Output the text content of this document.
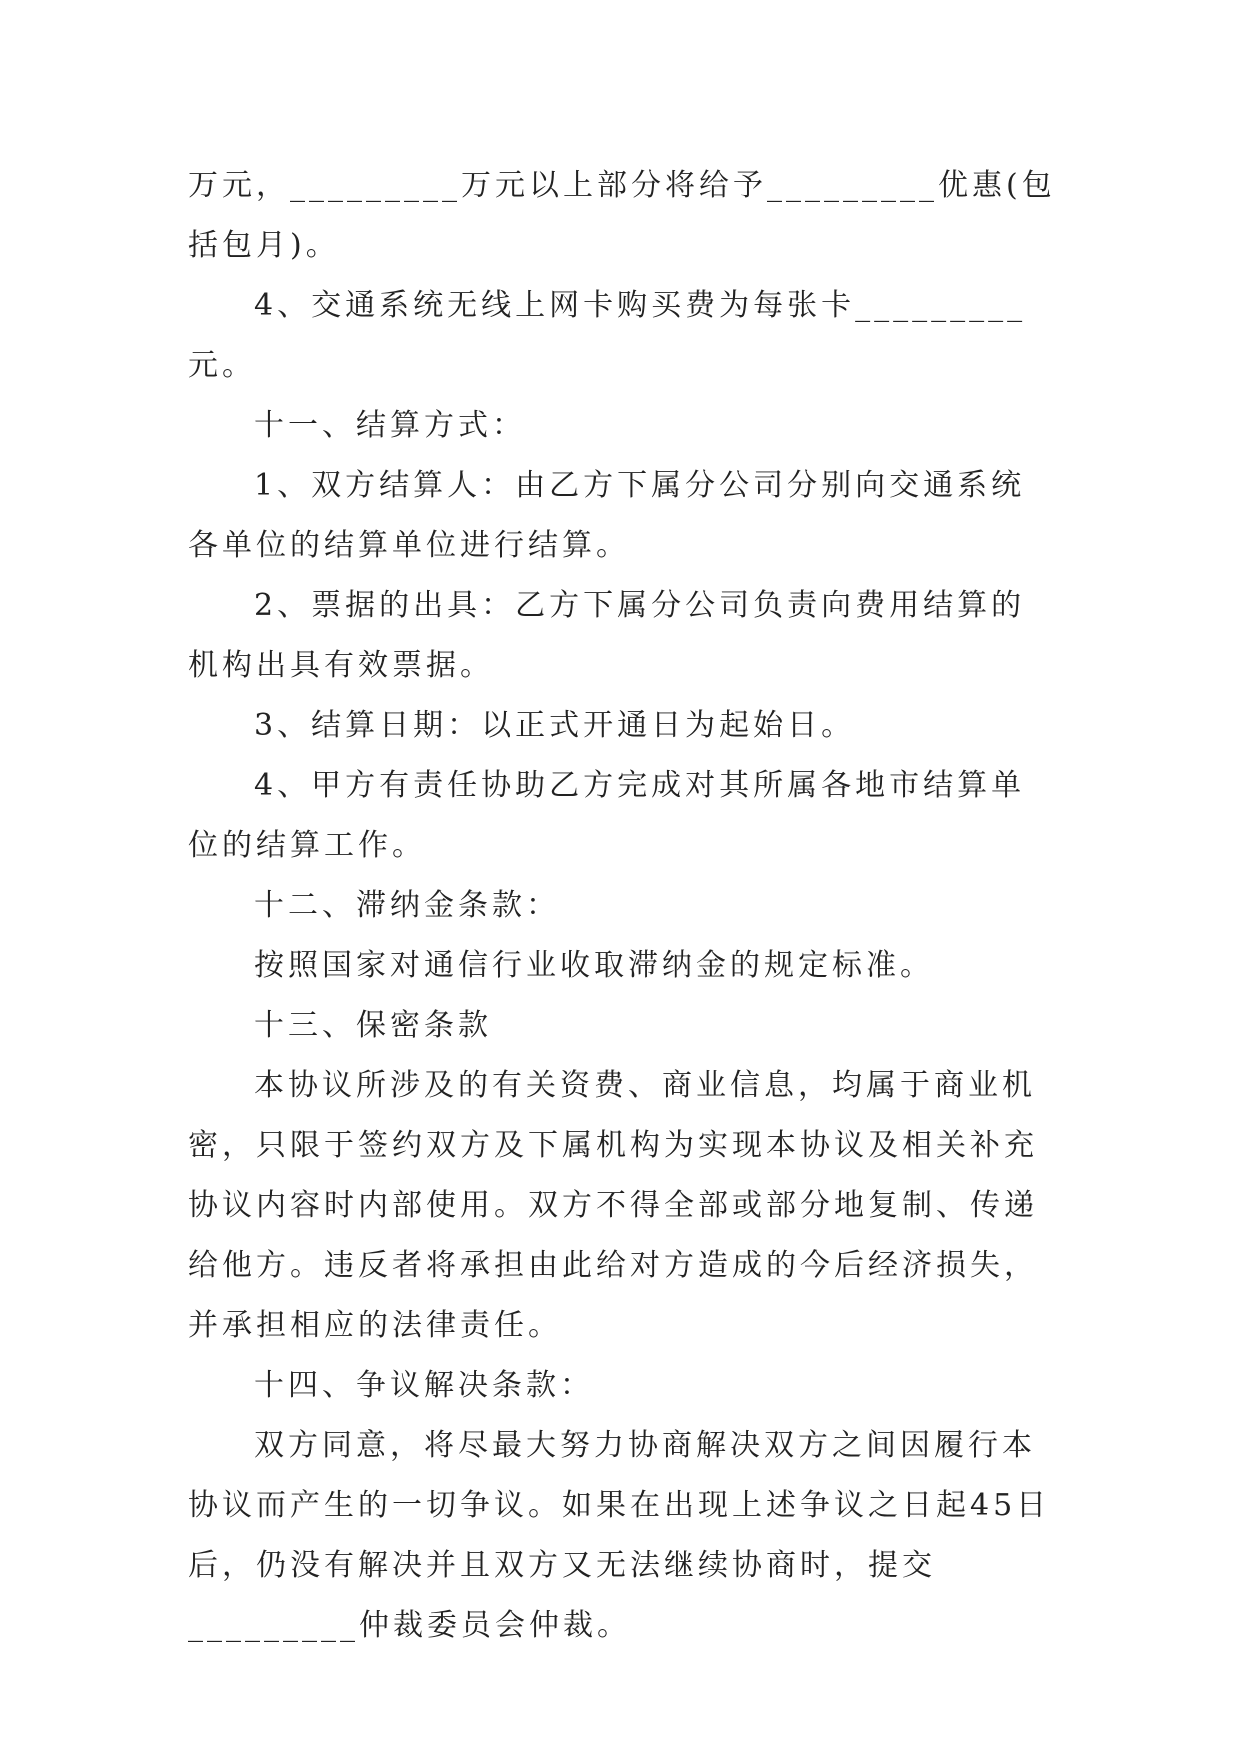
万元，_________万元以上部分将给予_________优惠(包括包月)。

4、交通系统无线上网卡购买费为每张卡_________元。

十一、结算方式：

1、双方结算人：由乙方下属分公司分别向交通系统各单位的结算单位进行结算。

2、票据的出具：乙方下属分公司负责向费用结算的机构出具有效票据。

3、结算日期：以正式开通日为起始日。

4、甲方有责任协助乙方完成对其所属各地市结算单位的结算工作。

十二、滞纳金条款：

按照国家对通信行业收取滞纳金的规定标准。

十三、保密条款

本协议所涉及的有关资费、商业信息，均属于商业机密，只限于签约双方及下属机构为实现本协议及相关补充协议内容时内部使用。双方不得全部或部分地复制、传递给他方。违反者将承担由此给对方造成的今后经济损失，并承担相应的法律责任。

十四、争议解决条款：

双方同意，将尽最大努力协商解决双方之间因履行本协议而产生的一切争议。如果在出现上述争议之日起45日后，仍没有解决并且双方又无法继续协商时，提交_________仲裁委员会仲裁。
